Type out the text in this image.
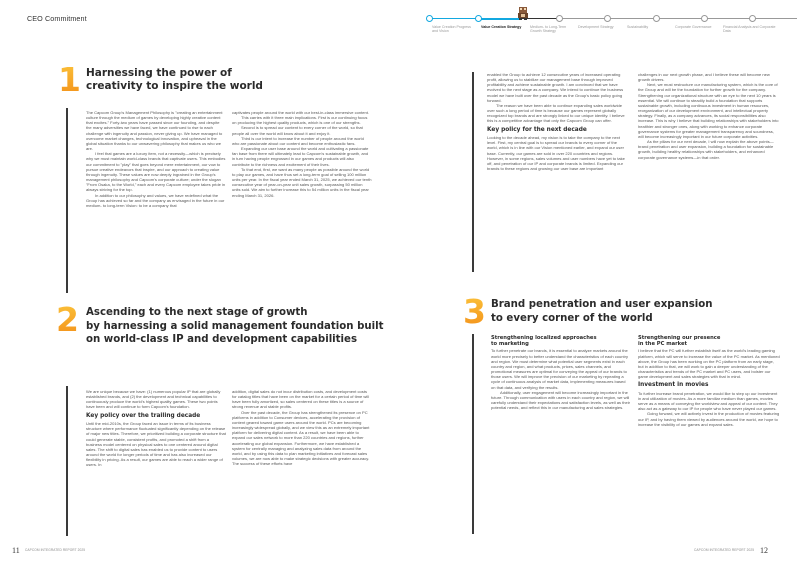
CEO Commitment
Value Creation Progress and Vision
Value Creation Strategy	Medium- to Long-Term Growth Strategy
Development Strategy	Sustainability	Corporate Governance	Financial Analysis and Corporate Data
1 Harnessing the power of
creativity to inspire the world

The Capcom Group's Management Philosophy is "creating an entertainment culture through the medium of games by developing highly creative content that excites." Forty-two years have passed since our founding, and despite the many adversities we have faced, we have continued to rise to each challenge with ingenuity and passion, never giving up. We have managed to overcome market changes, technological innovation, and upheaval in the global situation thanks to our unwavering philosophy that makes us who we are.

I feel that games are a luxury item, not a necessity—which is precisely why we must maintain world-class brands that captivate users. This embodies our commitment to "play" that goes beyond mere entertainment, our vow to pursue creative endeavors that inspire, and our approach to creating value through ingenuity. These values are now deeply ingrained in the Group's management philosophy and Capcom's corporate culture; under the slogan "From Osaka, to the World," each and every Capcom employee takes pride in always striving for the top.

In addition to our philosophy and values, we have redefined what the Group has achieved so far and the company as envisaged in the future in our medium- to long-term Vision: to be a company that

captivates people around the world with our best-in-class immersive content.

This carries with it three main implications. First is our continuing focus on producing the highest quality products, which is one of our strengths.

Second is to spread our content to every corner of the world, so that people all over the world will know about it and enjoy it.

Third is our intent to increase the number of people around the world who are passionate about our content and become enthusiastic fans.

Expanding our user base around the world and cultivating a passionate fan base from there will ultimately lead to Capcom's sustainable growth, and in turn having people engrossed in our games and products will also contribute to the richness and excitement of their lives.

To that end, first, we want as many people as possible around the world to play our games, and have thus set a long-term goal of selling 100 million units per year. In the fiscal year ended March 31, 2025, we achieved our tenth consecutive year of year-on-year unit sales growth, surpassing 50 million units sold. We aim to further increase this to 54 million units in the fiscal year ending March 31, 2026.

enabled the Group to achieve 12 consecutive years of increased operating profit, allowing us to stabilize our management base through improved profitability and achieve sustainable growth. I am convinced that we have evolved to the next stage as a company. We intend to continue the business model we have built over the past decade as the Group's basic policy going forward.

The reason we have been able to continue expanding sales worldwide over such a long period of time is because our games represent globally recognized top brands and are strongly linked to our unique identity. I believe this is a competitive advantage that only the Capcom Group can offer.

Key policy for the next decade

Looking to the decade ahead, my vision is to take the company to the next level. First, my central goal is to spread our brands to every corner of the world, which is in line with our Vision mentioned earlier, and expand our user base. Currently, our games are sold in over 220 countries and regions. However, in some regions, sales volumes and user numbers have yet to take off, and penetration of our IP and corporate brands is limited. Expanding our brands to these regions and growing our user base are important

challenges in our next growth phase, and I believe these will become new growth drivers.

Next, we must restructure our manufacturing system, which is the core of the Group and will be the foundation for further growth for the company. Strengthening our organizational structure with an eye to the next 10 years is essential. We will continue to steadily build a foundation that supports sustainable growth, including continuous investment in human resources, reorganization of our development environment, and intellectual property strategy. Finally, as a company advances, its social responsibilities also increase. This is why I believe that building relationships with stakeholders into healthier and stronger ones, along with working to enhance corporate governance systems for greater management transparency and soundness, will become increasingly important in our future corporate activities.

As the pillars for our next decade, I will now explain the above points—brand penetration and user expansion, building a foundation for sustainable growth, building healthy relationships with stakeholders, and enhanced corporate governance systems—in that order.

2 Ascending to the next stage of growth
by harnessing a solid management foundation built
on world-class IP and development capabilities

We are unique because we have: (1) numerous popular IP that are globally established brands, and (2) the development and technical capabilities to continuously produce the world's highest quality games. These two points have been and will continue to form Capcom's foundation.

Key policy over the trailing decade

Until the mid-2010s, the Group faced an issue in terms of its business structure where performance fluctuated significantly depending on the release of major new titles. Therefore, we prioritized building a corporate structure that could generate stable, consistent profits, and promoted a shift from a business model centered on physical sales to one centered around digital sales. The shift to digital sales has enabled us to provide content to users around the world for longer periods of time and has also increased our flexibility in pricing. As a result, our games are able to reach a wider range of users. In

addition, digital sales do not incur distribution costs, and development costs for catalog titles that have been on the market for a certain period of time will have been fully amortized, so sales centered on these titles is a source of strong revenue and stable profits.

Over the past decade, the Group has strengthened its presence on PC platforms in addition to Consumer devices, accelerating the provision of content geared toward game users around the world. PCs are becoming increasingly widespread globally, and we view this as an extremely important platform for delivering digital content. As a result, we have been able to expand our sales network to more than 220 countries and regions, further accelerating our global expansion. Furthermore, we have established a system for centrally managing and analyzing sales data from around the world, and by using this data to plan marketing initiatives and forecast sales volumes, we are now able to make strategic decisions with greater accuracy. The success of these efforts have

3 Brand penetration and user expansion
to every corner of the world
Strengthening localized approaches
to marketing

To further penetrate our brands, it is essential to analyze markets around the world more precisely to better understand the characteristics of each country and region. We must determine what potential user segments exist in each country and region, and what products, prices, sales channels, and promotional measures are optimal for conveying the appeal of our brands to those users. We will improve the precision of our marketing by repeating a cycle of continuous analysis of market data, implementing measures based on that data, and verifying the results.

Additionally, user engagement will become increasingly important in the future. Through communication with users in each country and region, we will carefully understand their expectations and satisfaction levels, as well as their potential needs, and reflect this in our manufacturing and sales strategies.

Strengthening our presence
in the PC market

I believe that the PC will further establish itself as the world's leading gaming platform, which will serve to increase the value of the PC market. As mentioned above, the Group has been working on the PC platform from an early stage, but in addition to that, we will work to gain a deeper understanding of the characteristics and trends of the PC market and PC users, and bolster our game development and sales strategies with that in mind.

Investment in movies

To further increase brand penetration, we would like to step up our investment in and utilization of movies. As a more familiar medium than games, movies serve as a means of conveying the worldview and appeal of our content. They also act as a gateway to our IP for people who have never played our games.

Going forward, we will actively invest in the production of movies featuring our IP, and by having them viewed by audiences around the world, we hope to increase the visibility of our games and expand sales.

11 CAPCOM INTEGRATED REPORT 2025	CAPCOM INTEGRATED REPORT 2025 12
